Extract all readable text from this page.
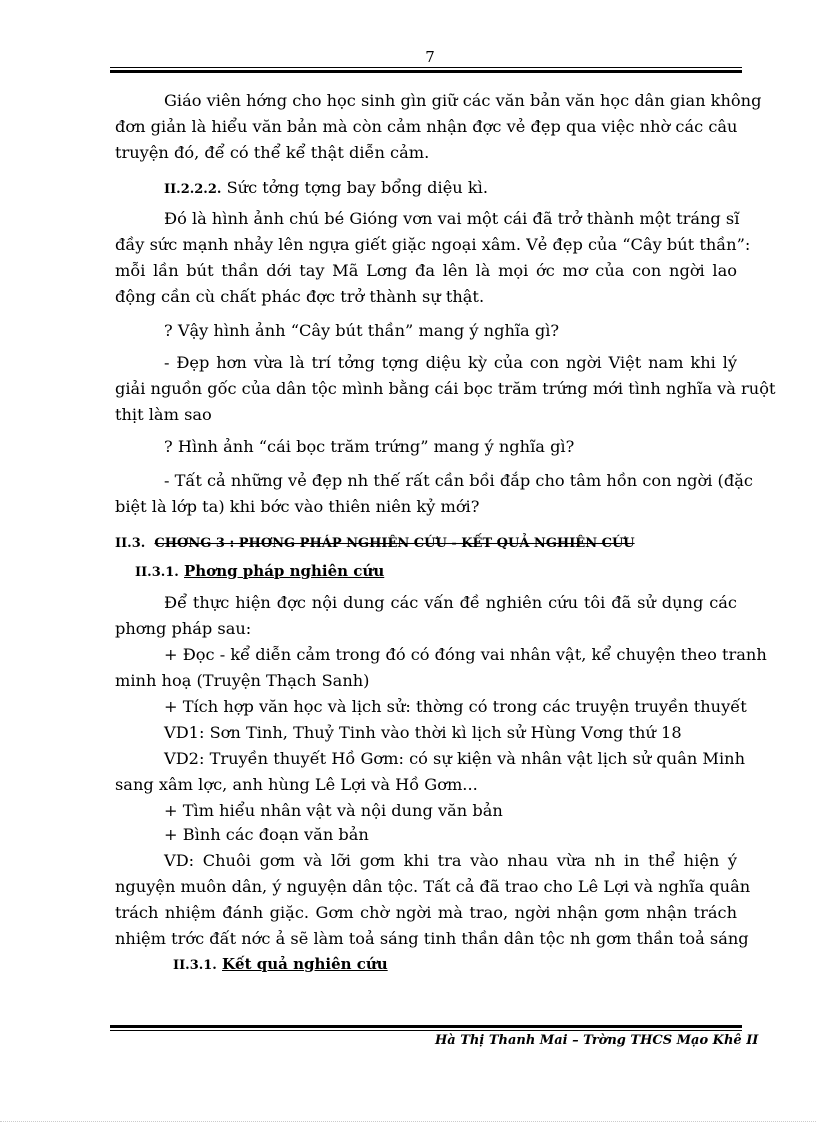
7
Giáo viên hớng cho học sinh gìn giữ các văn bản văn học dân gian không
đơn giản là hiểu văn bản mà còn cảm nhận đợc vẻ đẹp qua việc nhờ các câu
truyện đó, để có thể kể thật diễn cảm.
II.2.2.2. Sức tởng tợng bay bổng diệu kì.
Đó là hình ảnh chú bé Gióng vơn vai một cái đã trở thành một tráng sĩ
đầy sức mạnh nhảy lên ngựa giết giặc ngoại xâm. Vẻ đẹp của “Cây bút thần”:
mỗi lần bút thần dới tay Mã Lơng đa lên là mọi ớc mơ của con ngời lao
động cần cù chất phác đợc trở thành sự thật.
? Vậy hình ảnh “Cây bút thần” mang ý nghĩa gì?
- Đẹp hơn vừa là trí tởng tợng diệu kỳ của con ngời Việt nam khi lý
giải nguồn gốc của dân tộc mình bằng cái bọc trăm trứng mới tình nghĩa và ruột
thịt làm sao
? Hình ảnh “cái bọc trăm trứng” mang ý nghĩa gì?
- Tất cả những vẻ đẹp nh thế rất cần bồi đắp cho tâm hồn con ngời (đặc
biệt là lớp ta) khi bớc vào thiên niên kỷ mới?
II.3. CHƠNG 3 : PHƠNG PHÁP NGHIÊN CỨU - KẾT QUẢ NGHIÊN CỨU
II.3.1. Phơng pháp nghiên cứu
Để thực hiện đợc nội dung các vấn đề nghiên cứu tôi đã sử dụng các
phơng pháp sau:
+ Đọc - kể diễn cảm trong đó có đóng vai nhân vật, kể chuyện theo tranh
minh hoạ (Truyện Thạch Sanh)
+ Tích hợp văn học và lịch sử: thờng có trong các truyện truyền thuyết
VD1: Sơn Tinh, Thuỷ Tinh vào thời kì lịch sử Hùng Vơng thứ 18
VD2: Truyền thuyết Hồ Gơm: có sự kiện và nhân vật lịch sử quân Minh
sang xâm lợc, anh hùng Lê Lợi và Hồ Gơm...
+ Tìm hiểu nhân vật và nội dung văn bản
+ Bình các đoạn văn bản
VD: Chuôi gơm và lỡi gơm khi tra vào nhau vừa nh in thể hiện ý
nguyện muôn dân, ý nguyện dân tộc. Tất cả đã trao cho Lê Lợi và nghĩa quân
trách nhiệm đánh giặc. Gơm chờ ngời mà trao, ngời nhận gơm nhận trách
nhiệm trớc đất nớc ả sẽ làm toả sáng tinh thần dân tộc nh gơm thần toả sáng
II.3.1. Kết quả nghiên cứu
Hà Thị Thanh Mai – Trờng THCS Mạo Khê II
